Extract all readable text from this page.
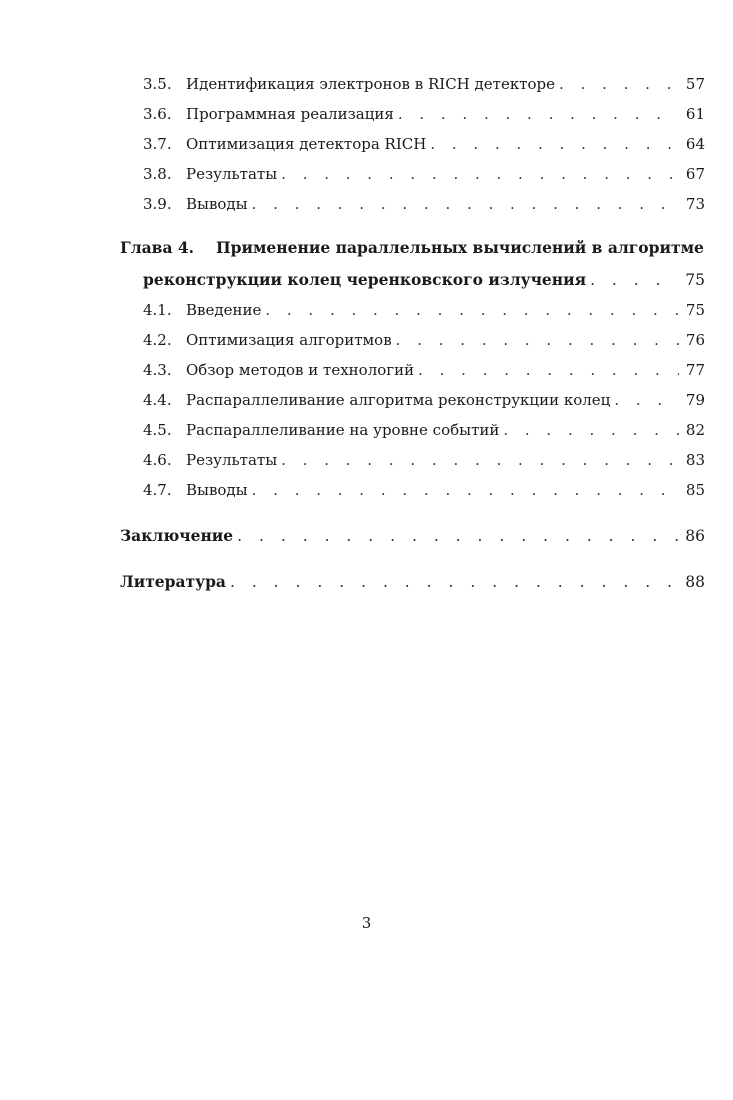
3.5. Идентификация электронов в RICH детекторе . . .	57
3.6. Программная реализация . . .	61
3.7. Оптимизация детектора RICH . . .	64
3.8. Результаты . . .	67
3.9. Выводы . . .	73
Глава 4. Применение параллельных вычислений в алгоритме
реконструкции колец черенковского излучения . . .	75
4.1. Введение . . .	75
4.2. Оптимизация алгоритмов . . .	76
4.3. Обзор методов и технологий . . .	77
4.4. Распараллеливание алгоритма реконструкции колец . . .	79
4.5. Распараллеливание на уровне событий . . .	82
4.6. Результаты . . .	83
4.7. Выводы . . .	85
Заключение . . .	86
Литература . . .	88
3
